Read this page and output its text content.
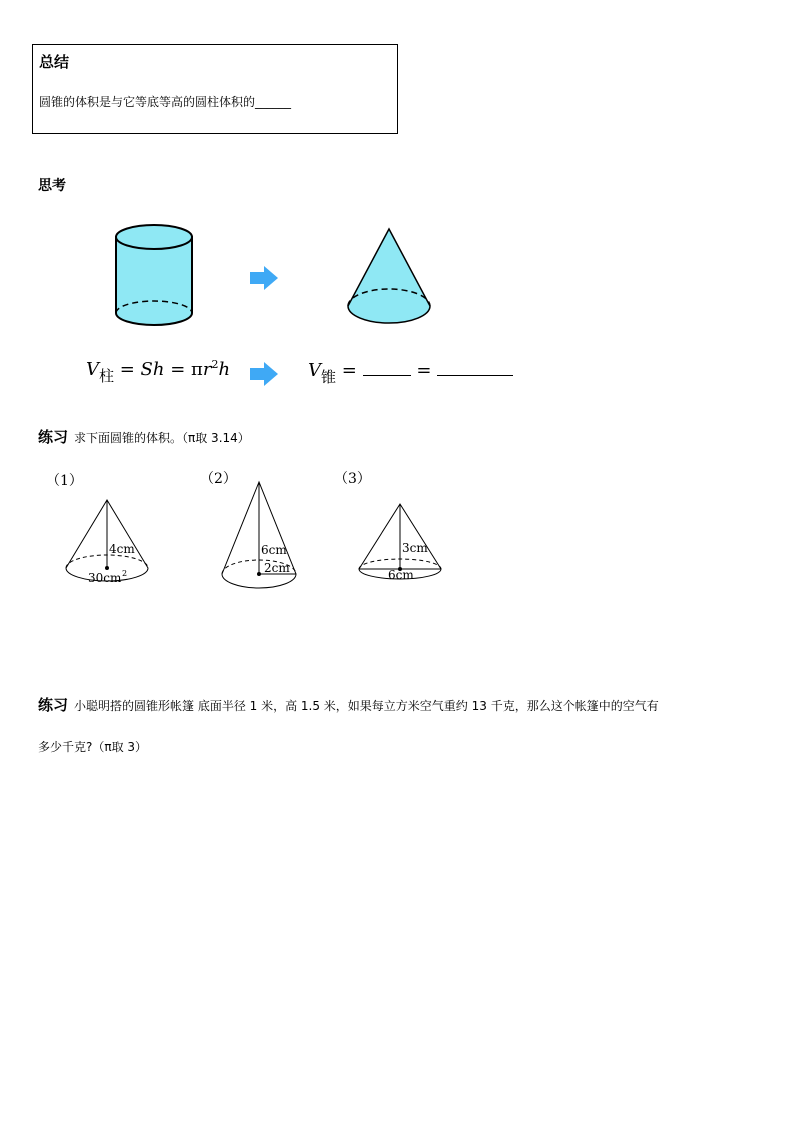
总结
圆锥的体积是与它等底等高的圆柱体积的______
思考
$V_柱 = Sh = \pi r^2h$	$V_锥$ =	=
练习 求下面圆锥的体积。（π取 3.14）
（1）
4cm
30cm 2
（2）
6cm
2cm
（3）
3cm
6cm
练习 小聪明搭的圆锥形帐篷 底面半径 1 米，高 1.5 米，如果每立方米空气重约 13 千克，那么这个帐篷中的空气有
多少千克?（π取 3）
